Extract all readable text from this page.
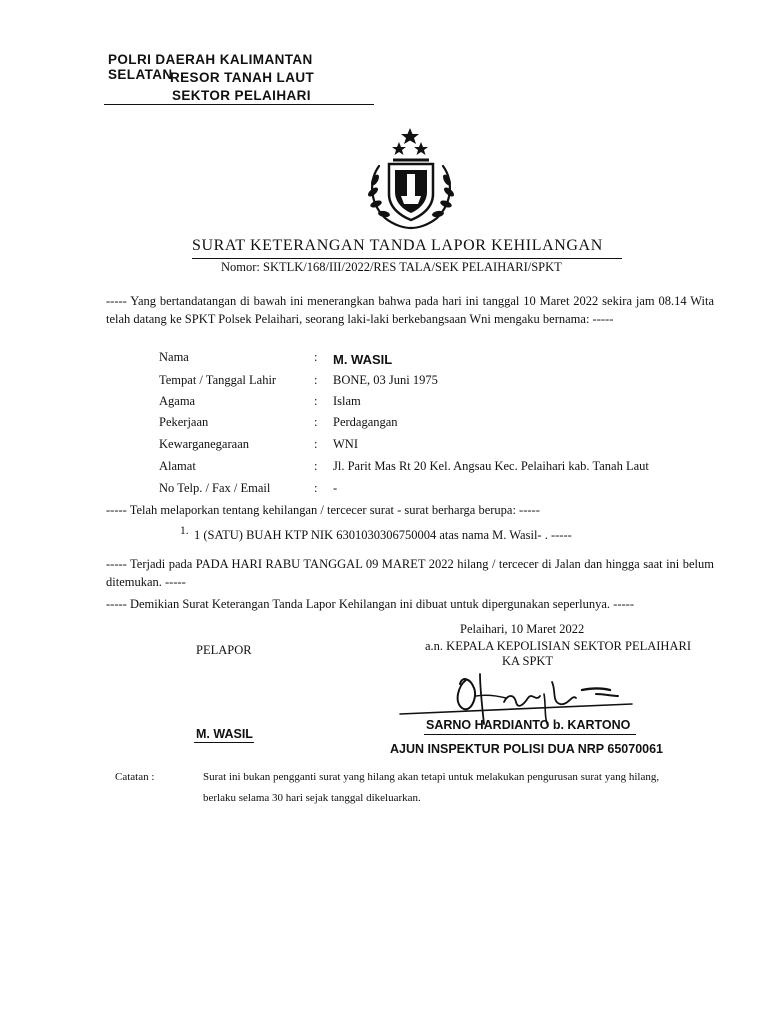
POLRI DAERAH KALIMANTAN SELATAN
RESOR TANAH LAUT
SEKTOR PELAIHARI
SURAT KETERANGAN TANDA LAPOR KEHILANGAN
Nomor: SKTLK/168/III/2022/RES TALA/SEK PELAIHARI/SPKT
----- Yang bertandatangan di bawah ini menerangkan bahwa pada hari ini tanggal 10 Maret 2022 sekira jam 08.14 Wita telah datang ke SPKT Polsek Pelaihari, seorang laki-laki berkebangsaan Wni mengaku bernama: -----
Nama	: M. WASIL
Tempat / Tanggal Lahir	: BONE, 03 Juni 1975
Agama	: Islam
Pekerjaan	: Perdagangan
Kewarganegaraan	: WNI
Alamat	: Jl. Parit Mas Rt 20 Kel. Angsau Kec. Pelaihari kab. Tanah Laut
No Telp. / Fax / Email	: -
----- Telah melaporkan tentang kehilangan / tercecer surat - surat berharga berupa: -----
1. 1 (SATU) BUAH KTP NIK 6301030306750004 atas nama M. Wasil- . -----
----- Terjadi pada PADA HARI RABU TANGGAL 09 MARET 2022 hilang / tercecer di Jalan dan hingga saat ini belum ditemukan. -----
----- Demikian Surat Keterangan Tanda Lapor Kehilangan ini dibuat untuk dipergunakan seperlunya. -----
Pelaihari, 10 Maret 2022
PELAPOR	a.n. KEPALA KEPOLISIAN SEKTOR PELAIHARI
KA SPKT
M. WASIL
SARNO HARDIANTO b. KARTONO
AJUN INSPEKTUR POLISI DUA NRP 65070061
Catatan :	Surat ini bukan pengganti surat yang hilang akan tetapi untuk melakukan pengurusan surat yang hilang,
berlaku selama 30 hari sejak tanggal dikeluarkan.
